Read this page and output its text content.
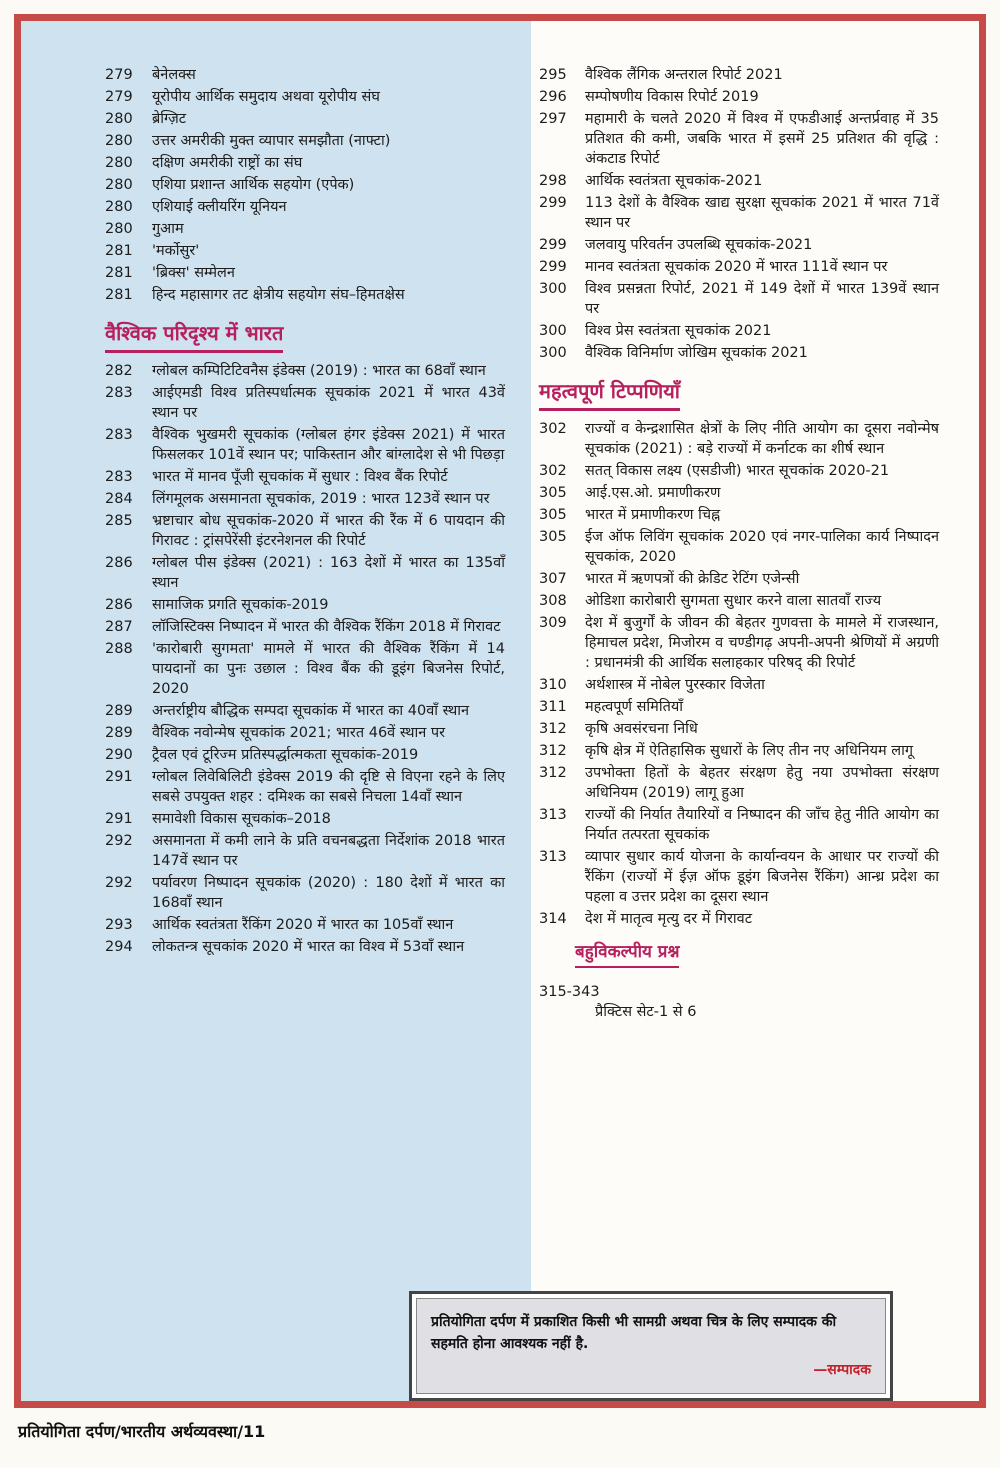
279	बेनेलक्स
279	यूरोपीय आर्थिक समुदाय अथवा यूरोपीय संघ
280	ब्रेग्ज़िट
280	उत्तर अमरीकी मुक्त व्यापार समझौता (नाफ्टा)
280	दक्षिण अमरीकी राष्ट्रों का संघ
280	एशिया प्रशान्त आर्थिक सहयोग (एपेक)
280	एशियाई क्लीयरिंग यूनियन
280	गुआम
281	'मर्कोसुर'
281	'ब्रिक्स' सम्मेलन
281	हिन्द महासागर तट क्षेत्रीय सहयोग संघ–हिमतक्षेस
वैश्विक परिदृश्य में भारत
282	ग्लोबल कम्पिटिटिवनैस इंडेक्स (2019) : भारत का 68वाँ स्थान
283	आईएमडी विश्व प्रतिस्पर्धात्मक सूचकांक 2021 में भारत 43वें स्थान पर
283	वैश्विक भुखमरी सूचकांक (ग्लोबल हंगर इंडेक्स 2021) में भारत फिसलकर 101वें स्थान पर; पाकिस्तान और बांग्लादेश से भी पिछड़ा
283	भारत में मानव पूँजी सूचकांक में सुधार : विश्व बैंक रिपोर्ट
284	लिंगमूलक असमानता सूचकांक, 2019 : भारत 123वें स्थान पर
285	भ्रष्टाचार बोध सूचकांक-2020 में भारत की रैंक में 6 पायदान की गिरावट : ट्रांसपेरेंसी इंटरनेशनल की रिपोर्ट
286	ग्लोबल पीस इंडेक्स (2021) : 163 देशों में भारत का 135वाँ स्थान
286	सामाजिक प्रगति सूचकांक-2019
287	लॉजिस्टिक्स निष्पादन में भारत की वैश्विक रैंकिंग 2018 में गिरावट
288	'कारोबारी सुगमता' मामले में भारत की वैश्विक रैंकिंग में 14 पायदानों का पुनः उछाल : विश्व बैंक की डूइंग बिजनेस रिपोर्ट, 2020
289	अन्तर्राष्ट्रीय बौद्धिक सम्पदा सूचकांक में भारत का 40वाँ स्थान
289	वैश्विक नवोन्मेष सूचकांक 2021; भारत 46वें स्थान पर
290	ट्रैवल एवं टूरिज्म प्रतिस्पर्द्धात्मकता सूचकांक-2019
291	ग्लोबल लिवेबिलिटी इंडेक्स 2019 की दृष्टि से विएना रहने के लिए सबसे उपयुक्त शहर : दमिश्क का सबसे निचला 14वाँ स्थान
291	समावेशी विकास सूचकांक–2018
292	असमानता में कमी लाने के प्रति वचनबद्धता निर्देशांक 2018 भारत 147वें स्थान पर
292	पर्यावरण निष्पादन सूचकांक (2020) : 180 देशों में भारत का 168वाँ स्थान
293	आर्थिक स्वतंत्रता रैंकिंग 2020 में भारत का 105वाँ स्थान
294	लोकतन्त्र सूचकांक 2020 में भारत का विश्व में 53वाँ स्थान
295	वैश्विक लैंगिक अन्तराल रिपोर्ट 2021
296	सम्पोषणीय विकास रिपोर्ट 2019
297	महामारी के चलते 2020 में विश्व में एफडीआई अन्तर्प्रवाह में 35 प्रतिशत की कमी, जबकि भारत में इसमें 25 प्रतिशत की वृद्धि : अंकटाड रिपोर्ट
298	आर्थिक स्वतंत्रता सूचकांक-2021
299	113 देशों के वैश्विक खाद्य सुरक्षा सूचकांक 2021 में भारत 71वें स्थान पर
299	जलवायु परिवर्तन उपलब्धि सूचकांक-2021
299	मानव स्वतंत्रता सूचकांक 2020 में भारत 111वें स्थान पर
300	विश्व प्रसन्नता रिपोर्ट, 2021 में 149 देशों में भारत 139वें स्थान पर
300	विश्व प्रेस स्वतंत्रता सूचकांक 2021
300	वैश्विक विनिर्माण जोखिम सूचकांक 2021
महत्वपूर्ण टिप्पणियाँ
302	राज्यों व केन्द्रशासित क्षेत्रों के लिए नीति आयोग का दूसरा नवोन्मेष सूचकांक (2021) : बड़े राज्यों में कर्नाटक का शीर्ष स्थान
302	सतत् विकास लक्ष्य (एसडीजी) भारत सूचकांक 2020-21
305	आई.एस.ओ. प्रमाणीकरण
305	भारत में प्रमाणीकरण चिह्न
305	ईज ऑफ लिविंग सूचकांक 2020 एवं नगर-पालिका कार्य निष्पादन सूचकांक, 2020
307	भारत में ऋणपत्रों की क्रेडिट रेटिंग एजेन्सी
308	ओडिशा कारोबारी सुगमता सुधार करने वाला सातवाँ राज्य
309	देश में बुजुर्गों के जीवन की बेहतर गुणवत्ता के मामले में राजस्थान, हिमाचल प्रदेश, मिजोरम व चण्डीगढ़ अपनी-अपनी श्रेणियों में अग्रणी : प्रधानमंत्री की आर्थिक सलाहकार परिषद् की रिपोर्ट
310	अर्थशास्त्र में नोबेल पुरस्कार विजेता
311	महत्वपूर्ण समितियाँ
312	कृषि अवसंरचना निधि
312	कृषि क्षेत्र में ऐतिहासिक सुधारों के लिए तीन नए अधिनियम लागू
312	उपभोक्ता हितों के बेहतर संरक्षण हेतु नया उपभोक्ता संरक्षण अधिनियम (2019) लागू हुआ
313	राज्यों की निर्यात तैयारियों व निष्पादन की जाँच हेतु नीति आयोग का निर्यात तत्परता सूचकांक
313	व्यापार सुधार कार्य योजना के कार्यान्वयन के आधार पर राज्यों की रैंकिंग (राज्यों में ईज़ ऑफ डूइंग बिजनेस रैंकिंग) आन्ध्र प्रदेश का पहला व उत्तर प्रदेश का दूसरा स्थान
314	देश में मातृत्व मृत्यु दर में गिरावट
बहुविकल्पीय प्रश्न
315-343
प्रैक्टिस सेट-1 से 6
प्रतियोगिता दर्पण में प्रकाशित किसी भी सामग्री अथवा चित्र के लिए सम्पादक की सहमति होना आवश्यक नहीं है.
—सम्पादक
प्रतियोगिता दर्पण/भारतीय अर्थव्यवस्था/11
